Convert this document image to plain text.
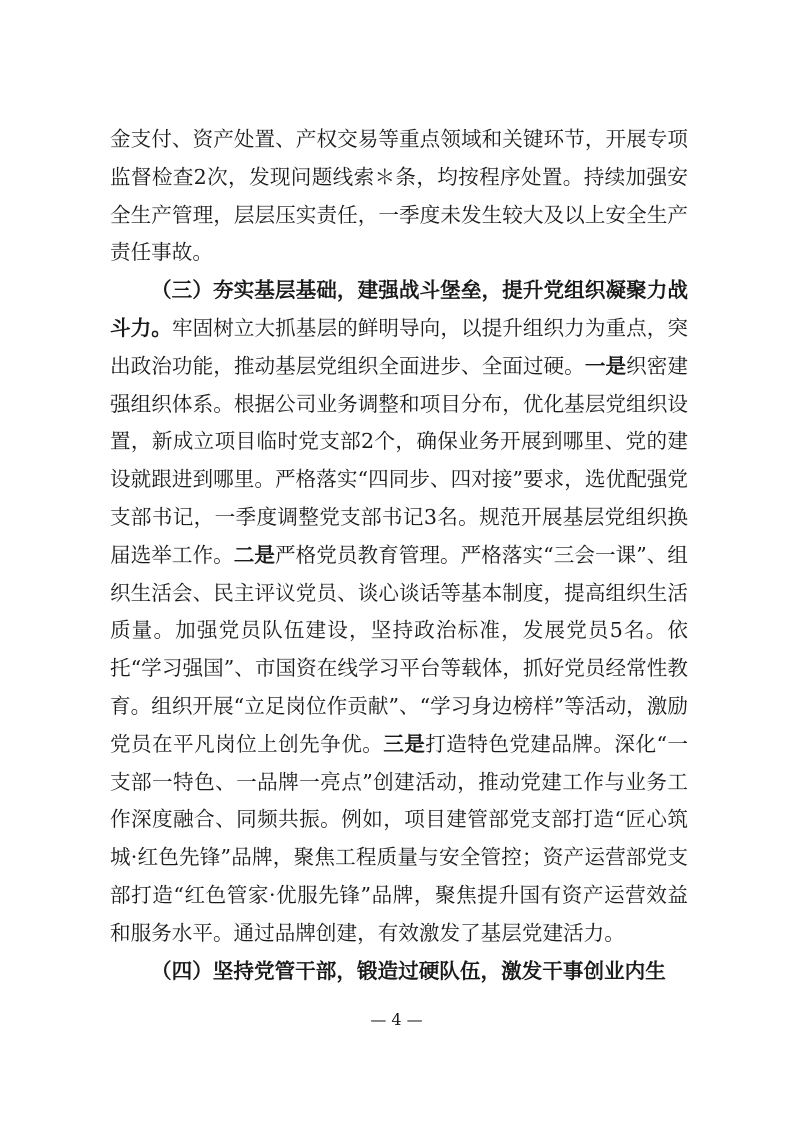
金支付、资产处置、产权交易等重点领域和关键环节，开展专项监督检查2次，发现问题线索＊条，均按程序处置。持续加强安全生产管理，层层压实责任，一季度未发生较大及以上安全生产责任事故。

（三）夯实基层基础，建强战斗堡垒，提升党组织凝聚力战斗力。牢固树立大抓基层的鲜明导向，以提升组织力为重点，突出政治功能，推动基层党组织全面进步、全面过硬。一是织密建强组织体系。根据公司业务调整和项目分布，优化基层党组织设置，新成立项目临时党支部2个，确保业务开展到哪里、党的建设就跟进到哪里。严格落实“四同步、四对接”要求，选优配强党支部书记，一季度调整党支部书记3名。规范开展基层党组织换届选举工作。二是严格党员教育管理。严格落实“三会一课”、组织生活会、民主评议党员、谈心谈话等基本制度，提高组织生活质量。加强党员队伍建设，坚持政治标准，发展党员5名。依托“学习强国”、市国资在线学习平台等载体，抓好党员经常性教育。组织开展“立足岗位作贡献”、“学习身边榜样”等活动，激励党员在平凡岗位上创先争优。三是打造特色党建品牌。深化“一支部一特色、一品牌一亮点”创建活动，推动党建工作与业务工作深度融合、同频共振。例如，项目建管部党支部打造“匠心筑城·红色先锋”品牌，聚焦工程质量与安全管控；资产运营部党支部打造“红色管家·优服先锋”品牌，聚焦提升国有资产运营效益和服务水平。通过品牌创建，有效激发了基层党建活力。

（四）坚持党管干部，锻造过硬队伍，激发干事创业内生

— 4 —
